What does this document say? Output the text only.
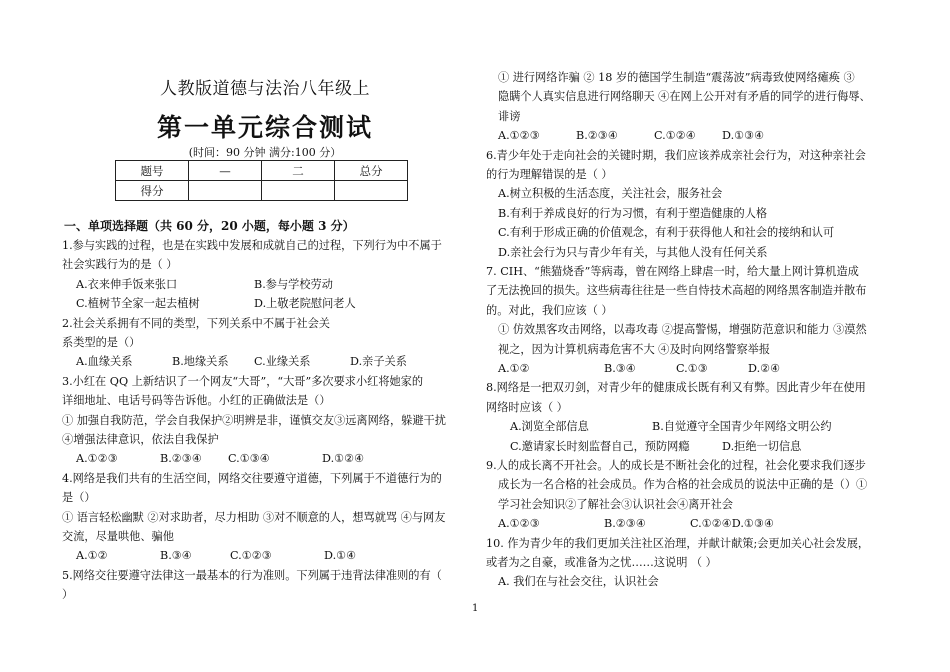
人教版道德与法治八年级上
第一单元综合测试
(时间：90 分钟 满分:100 分）
题号	—	二	总分
得分			
一、单项选择题（共 60 分，20 小题，每小题 3 分）
1.参与实践的过程，也是在实践中发展和成就自己的过程，下列行为中不属于
社会实践行为的是（ ）
A.衣来伸手饭来张口	B.参与学校劳动
C.植树节全家一起去植树	D.上敬老院慰问老人
2.社会关系拥有不同的类型，下列关系中不属于社会关
系类型的是（）
A.血缘关系	B.地缘关系 C.业缘关系	D.亲子关系
3.小红在 QQ 上新结识了一个网友“大哥”，“大哥”多次要求小红将她家的
详细地址、电话号码等告诉他。小红的正确做法是（）
① 加强自我防范，学会自我保护②明辨是非，谨慎交友③远离网络，躲避干扰
④增强法律意识，依法自我保护
A.①②③	B.②③④ C.①③④	D.①②④
4.网络是我们共有的生活空间，网络交往要遵守道德，下列属于不道德行为的
是（）
① 语言轻松幽默 ②对求助者，尽力相助 ③对不顺意的人，想骂就骂 ④与网友
交流，尽量哄他、骗他
A.①②	B.③④	C.①②③	D.①④
5.网络交往要遵守法律这一最基本的行为准则。下列属于违背法律准则的有（
）
① 进行网络诈骗 ② 18 岁的德国学生制造“震荡波”病毒致使网络瘫痪 ③
隐瞒个人真实信息进行网络聊天 ④在网上公开对有矛盾的同学的进行侮辱、
诽谤
A.①②③	B.②③④	C.①②④ D.①③④
6.青少年处于走向社会的关键时期，我们应该养成亲社会行为，对这种亲社会
的行为理解错误的是（ ）
A.树立积极的生活态度，关注社会，服务社会
B.有利于养成良好的行为习惯，有利于塑造健康的人格
C.有利于形成正确的价值观念，有利于获得他人和社会的接纳和认可
D.亲社会行为只与青少年有关，与其他人没有任何关系
7. CIH、“熊猫烧香”等病毒，曾在网络上肆虐一时，给大量上网计算机造成
了无法挽回的损失。这些病毒往往是一些自恃技术高超的网络黑客制造并散布
的。对此，我们应该（ ）
① 仿效黑客攻击网络，以毒攻毒 ②提高警惕，增强防范意识和能力 ③漠然
视之，因为计算机病毒危害不大 ④及时向网络警察举报
A.①②	B.③④	C.①③	D.②④
8.网络是一把双刃剑，对青少年的健康成长既有利又有弊。因此青少年在使用
网络时应该（ ）
A.浏览全部信息	B.自觉遵守全国青少年网络文明公约
C.邀请家长时刻监督自己，预防网瘾	D.拒绝一切信息
9.人的成长离不开社会。人的成长是不断社会化的过程，社会化要求我们逐步
成长为一名合格的社会成员。作为合格的社会成员的说法中正确的是（）①
学习社会知识②了解社会③认识社会④离开社会
A.①②③	B.②③④	C.①②④D.①③④
10. 作为青少年的我们更加关注社区治理，并献计献策;会更加关心社会发展，
或者为之自豪，或准备为之忧……这说明 （ ）
A. 我们在与社会交往，认识社会
1
